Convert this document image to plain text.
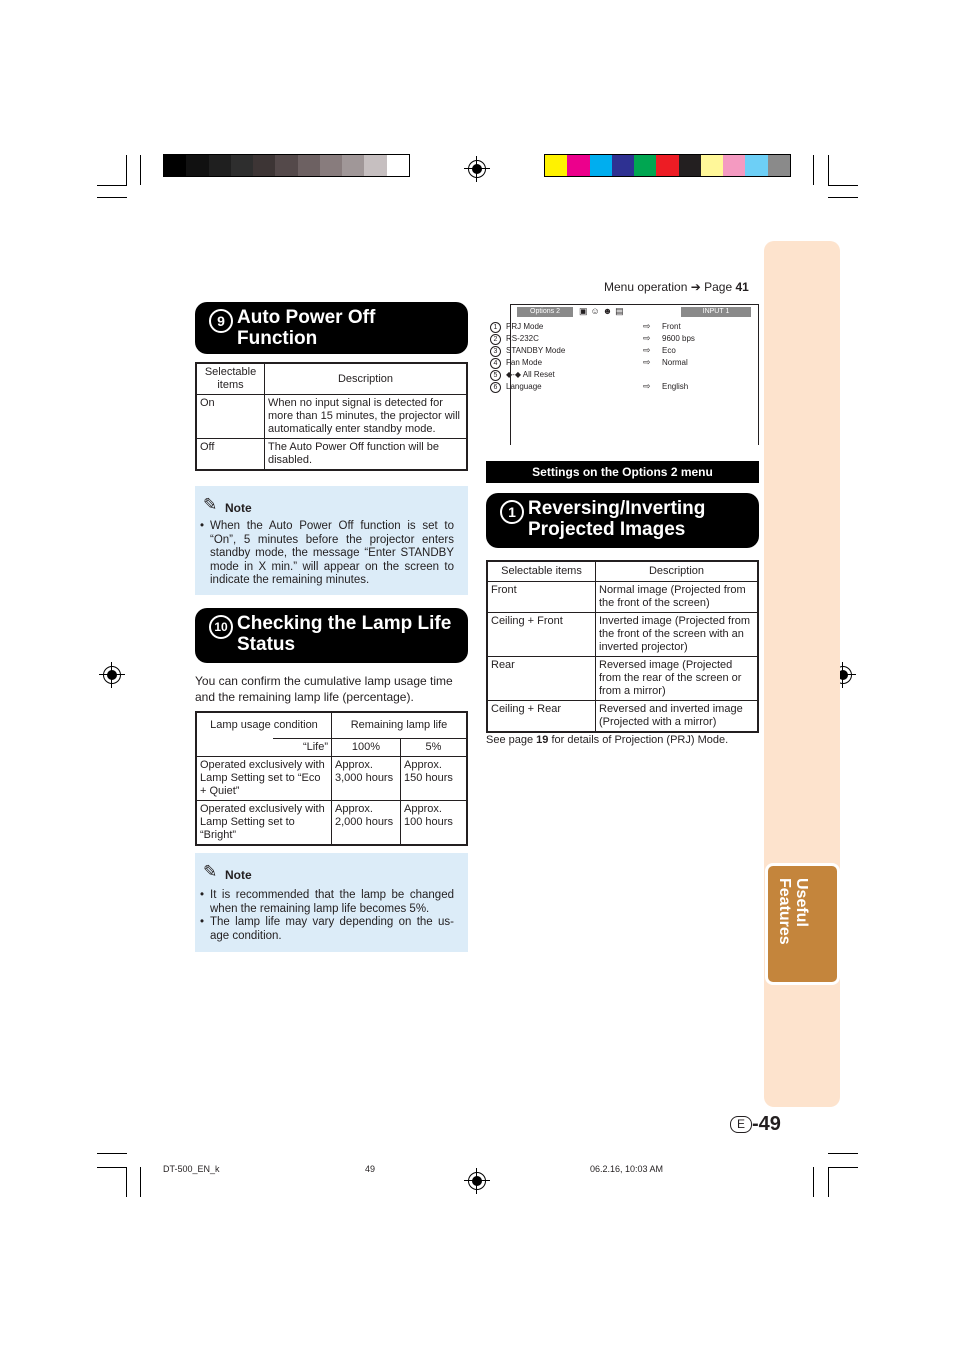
Useful
Features
Menu operation ➔ Page 41
9 Auto Power Off
Function
Selectable items	Description
On	When no input signal is detected for more than 15 minutes, the projector will automatically enter standby mode.
Off	The Auto Power Off function will be disabled.
✎ Note
• When the Auto Power Off function is set to “On”, 5 minutes before the projector enters standby mode, the message “Enter STANDBY mode in X min.” will appear on the screen to indicate the remaining minutes.
10 Checking the Lamp Life
Status
You can confirm the cumulative lamp usage time and the remaining lamp life (percentage).
Lamp usage condition		Remaining lamp life	
	“Life”	100%	5%
Operated exclusively with Lamp Setting set to “Eco + Quiet”		Approx. 3,000 hours	Approx. 150 hours
Operated exclusively with Lamp Setting set to “Bright”		Approx. 2,000 hours	Approx. 100 hours
✎ Note
• It is recommended that the lamp be changed when the remaining lamp life becomes 5%.
• The lamp life may vary depending on the us-age condition.
Options 2	▣☺☻▤	INPUT 1
1 PRJ Mode	⇨ Front
2 RS-232C	⇨ 9600 bps
3 STANDBY Mode	⇨ Eco
4 Fan Mode	⇨ Normal
5 ◆-◆ All Reset
6 Language	⇨ English
Settings on the Options 2 menu
1 Reversing/Inverting
Projected Images
Selectable items	Description
Front	Normal image (Projected from the front of the screen)
Ceiling + Front	Inverted image (Projected from the front of the screen with an inverted projector)
Rear	Reversed image (Projected from the rear of the screen or from a mirror)
Ceiling + Rear	Reversed and inverted image (Projected with a mirror)
See page 19 for details of Projection (PRJ) Mode.
E -49
DT-500_EN_k	49	06.2.16, 10:03 AM
